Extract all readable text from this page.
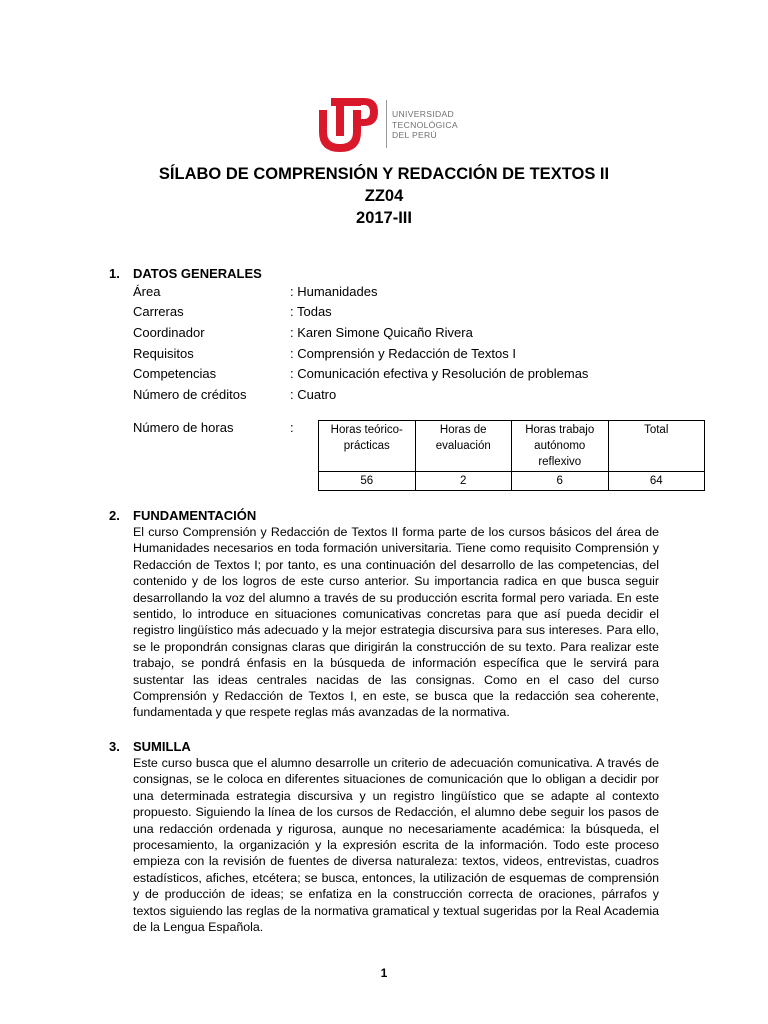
UNIVERSIDAD
TECNOLÓGICA
DEL PERÚ
SÍLABO DE COMPRENSIÓN Y REDACCIÓN DE TEXTOS II
ZZ04
2017-III
1. DATOS GENERALES
Área	: Humanidades
Carreras	: Todas
Coordinador	: Karen Simone Quicaño Rivera
Requisitos	: Comprensión y Redacción de Textos I
Competencias	: Comunicación efectiva y Resolución de problemas
Número de créditos	: Cuatro
Número de horas	:	Horas teórico-prácticas	Horas de evaluación	Horas trabajo autónomo reflexivo	Total
56	2	6	64
2. FUNDAMENTACIÓN
El curso Comprensión y Redacción de Textos II forma parte de los cursos básicos del área de Humanidades necesarios en toda formación universitaria. Tiene como requisito Comprensión y Redacción de Textos I; por tanto, es una continuación del desarrollo de las competencias, del contenido y de los logros de este curso anterior. Su importancia radica en que busca seguir desarrollando la voz del alumno a través de su producción escrita formal pero variada. En este sentido, lo introduce en situaciones comunicativas concretas para que así pueda decidir el registro lingüístico más adecuado y la mejor estrategia discursiva para sus intereses. Para ello, se le propondrán consignas claras que dirigirán la construcción de su texto. Para realizar este trabajo, se pondrá énfasis en la búsqueda de información específica que le servirá para sustentar las ideas centrales nacidas de las consignas. Como en el caso del curso Comprensión y Redacción de Textos I, en este, se busca que la redacción sea coherente, fundamentada y que respete reglas más avanzadas de la normativa.
3. SUMILLA
Este curso busca que el alumno desarrolle un criterio de adecuación comunicativa. A través de consignas, se le coloca en diferentes situaciones de comunicación que lo obligan a decidir por una determinada estrategia discursiva y un registro lingüístico que se adapte al contexto propuesto. Siguiendo la línea de los cursos de Redacción, el alumno debe seguir los pasos de una redacción ordenada y rigurosa, aunque no necesariamente académica: la búsqueda, el procesamiento, la organización y la expresión escrita de la información. Todo este proceso empieza con la revisión de fuentes de diversa naturaleza: textos, videos, entrevistas, cuadros estadísticos, afiches, etcétera; se busca, entonces, la utilización de esquemas de comprensión y de producción de ideas; se enfatiza en la construcción correcta de oraciones, párrafos y textos siguiendo las reglas de la normativa gramatical y textual sugeridas por la Real Academia de la Lengua Española.
1
